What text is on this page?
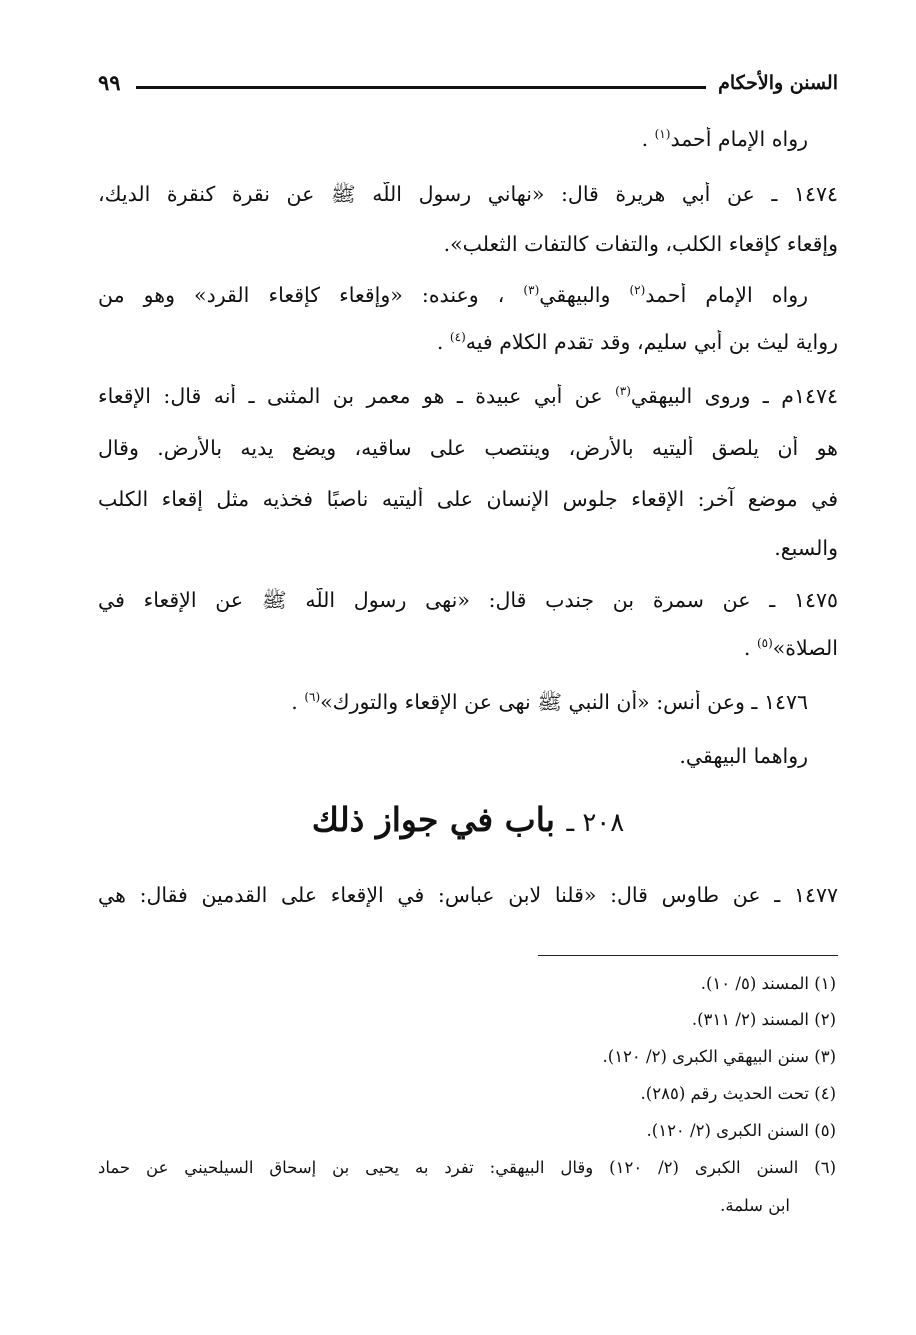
السنن والأحكام
٩٩
رواه الإمام أحمد$^{(١)}$ .
١٤٧٤ ـ عن أبي هريرة قال: «نهاني رسول اللّه ﷺ عن نقرة كنقرة الديك،
وإقعاء كإقعاء الكلب، والتفات كالتفات الثعلب».
رواه الإمام أحمد$^{(٢)}$ والبيهقي$^{(٣)}$ ، وعنده: «وإقعاء كإقعاء القرد» وهو من
رواية ليث بن أبي سليم، وقد تقدم الكلام فيه$^{(٤)}$ .
١٤٧٤م ـ وروى البيهقي$^{(٣)}$ عن أبي عبيدة ـ هو معمر بن المثنى ـ أنه قال: الإقعاء
هو أن يلصق أليتيه بالأرض، وينتصب على ساقيه، ويضع يديه بالأرض. وقال
في موضع آخر: الإقعاء جلوس الإنسان على أليتيه ناصبًا فخذيه مثل إقعاء الكلب
والسبع.
١٤٧٥ ـ عن سمرة بن جندب قال: «نهى رسول اللّه ﷺ عن الإقعاء في
الصلاة»$^{(٥)}$ .
١٤٧٦ ـ وعن أنس: «أن النبي ﷺ نهى عن الإقعاء والتورك»$^{(٦)}$ .
رواهما البيهقي.
٢٠٨ ـ باب في جواز ذلك
١٤٧٧ ـ عن طاوس قال: «قلنا لابن عباس: في الإقعاء على القدمين فقال: هي
(١) المسند (٥/ ١٠).
(٢) المسند (٢/ ٣١١).
(٣) سنن البيهقي الكبرى (٢/ ١٢٠).
(٤) تحت الحديث رقم (٢٨٥).
(٥) السنن الكبرى (٢/ ١٢٠).
(٦) السنن الكبرى (٢/ ١٢٠) وقال البيهقي: تفرد به يحيى بن إسحاق السيلحيني عن حماد
ابن سلمة.
